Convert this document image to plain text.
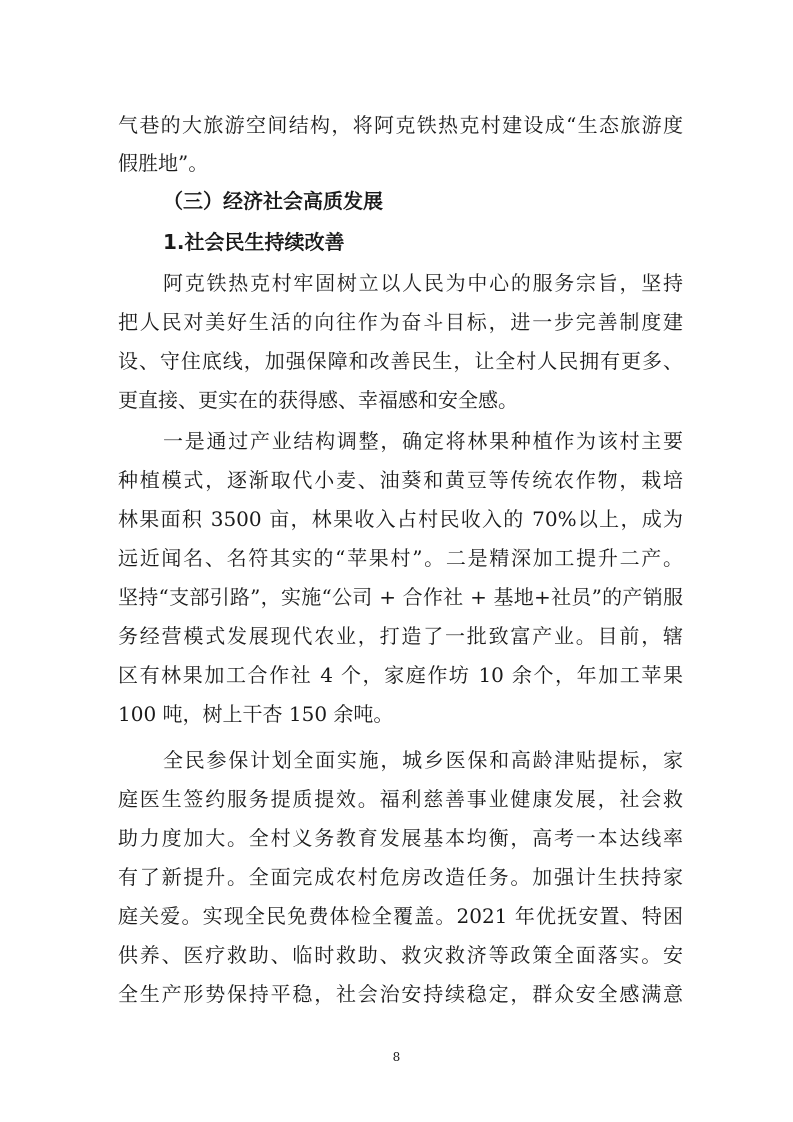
气巷的大旅游空间结构，将阿克铁热克村建设成“生态旅游度
假胜地”。
（三）经济社会高质发展
1.社会民生持续改善
阿克铁热克村牢固树立以人民为中心的服务宗旨，坚持
把人民对美好生活的向往作为奋斗目标，进一步完善制度建
设、守住底线，加强保障和改善民生，让全村人民拥有更多、
更直接、更实在的获得感、幸福感和安全感。
一是通过产业结构调整，确定将林果种植作为该村主要
种植模式，逐渐取代小麦、油葵和黄豆等传统农作物，栽培
林果面积 3500 亩，林果收入占村民收入的 70%以上，成为
远近闻名、名符其实的“苹果村”。二是精深加工提升二产。
坚持“支部引路”，实施“公司 + 合作社 + 基地+社员”的产销服
务经营模式发展现代农业，打造了一批致富产业。目前，辖
区有林果加工合作社 4 个，家庭作坊 10 余个，年加工苹果
100 吨，树上干杏 150 余吨。
全民参保计划全面实施，城乡医保和高龄津贴提标，家
庭医生签约服务提质提效。福利慈善事业健康发展，社会救
助力度加大。全村义务教育发展基本均衡，高考一本达线率
有了新提升。全面完成农村危房改造任务。加强计生扶持家
庭关爱。实现全民免费体检全覆盖。2021 年优抚安置、特困
供养、医疗救助、临时救助、救灾救济等政策全面落实。安
全生产形势保持平稳，社会治安持续稳定，群众安全感满意
8
